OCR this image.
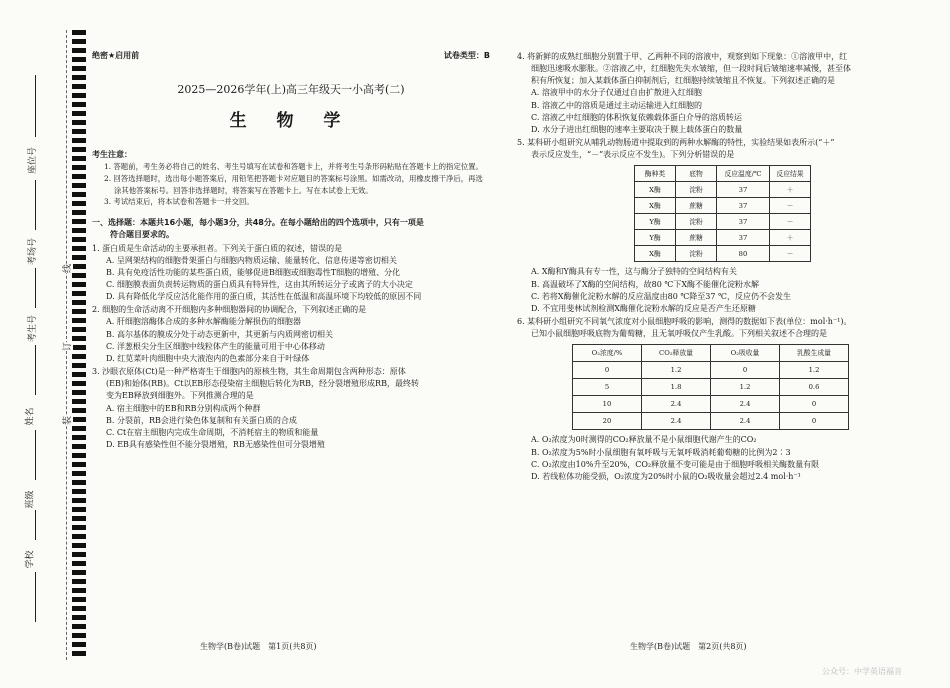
座位号
考场号
考生号
姓名
班级
学校
线
订
装
绝密★启用前	试卷类型：B
2025—2026学年(上)高三年级天一小高考(二)
生 物 学
考生注意：
1. 答题前，考生务必将自己的姓名、考生号填写在试卷和答题卡上，并将考生号条形码粘贴在答题卡上的指定位置。
2. 回答选择题时，选出每小题答案后，用铅笔把答题卡对应题目的答案标号涂黑。如需改动，用橡皮擦干净后，再选涂其他答案标号。回答非选择题时，将答案写在答题卡上。写在本试卷上无效。
3. 考试结束后，将本试卷和答题卡一并交回。
一、选择题：本题共16小题，每小题3分，共48分。在每小题给出的四个选项中，只有一项是
符合题目要求的。
1. 蛋白质是生命活动的主要承担者。下列关于蛋白质的叙述，错误的是
A. 呈网架结构的细胞骨架蛋白与细胞内物质运输、能量转化、信息传递等密切相关
B. 具有免疫活性功能的某些蛋白质，能够促进B细胞或细胞毒性T细胞的增殖、分化
C. 细胞膜表面负责转运物质的蛋白质具有特异性，这由其所转运分子或离子的大小决定
D. 具有降低化学反应活化能作用的蛋白质，其活性在低温和高温环境下均较低的原因不同
2. 细胞的生命活动离不开细胞内多种细胞器间的协调配合，下列叙述正确的是
A. 肝细胞溶酶体合成的多种水解酶能分解损伤的细胞器
B. 高尔基体的膜成分处于动态更新中，其更新与内质网密切相关
C. 洋葱根尖分生区细胞中线粒体产生的能量可用于中心体移动
D. 红苋菜叶肉细胞中央大液泡内的色素部分来自于叶绿体
3. 沙眼衣原体(Ct)是一种严格寄生于细胞内的原核生物，其生命周期包含两种形态：原体
(EB)和始体(RB)。Ct以EB形态侵染宿主细胞后转化为RB，经分裂增殖形成RB，最终转
变为EB释放到细胞外。下列推测合理的是
A. 宿主细胞中的EB和RB分别构成两个种群
B. 分裂前，RB会进行染色体复制和有关蛋白质的合成
C. Ct在宿主细胞内完成生命周期，不消耗宿主的物质和能量
D. EB具有感染性但不能分裂增殖，RB无感染性但可分裂增殖
生物学(B卷)试题　第1页(共8页)
4. 将新鲜的成熟红细胞分别置于甲、乙两种不同的溶液中，观察到如下现象：①溶液甲中，红
细胞迅速吸水膨胀。②溶液乙中，红细胞先失水皱缩，但一段时间后皱缩速率减慢，甚至体
积有所恢复；加入某载体蛋白抑制剂后，红细胞持续皱缩且不恢复。下列叙述正确的是
A. 溶液甲中的水分子仅通过自由扩散进入红细胞
B. 溶液乙中的溶质是通过主动运输进入红细胞的
C. 溶液乙中红细胞的体积恢复依赖载体蛋白介导的溶质转运
D. 水分子进出红细胞的速率主要取决于膜上载体蛋白的数量
5. 某科研小组研究从哺乳动物肠道中提取到的两种水解酶的特性，实验结果如表所示(“＋”
表示反应发生，“－”表示反应不发生)。下列分析错误的是
酶种类	底物	反应温度/℃	反应结果
X酶	淀粉	37	＋
X酶	蔗糖	37	－
Y酶	淀粉	37	－
Y酶	蔗糖	37	＋
X酶	淀粉	80	－
A. X酶和Y酶具有专一性，这与酶分子独特的空间结构有关
B. 高温破坏了X酶的空间结构，故80 ℃下X酶不能催化淀粉水解
C. 若将X酶催化淀粉水解的反应温度由80 ℃降至37 ℃，反应仍不会发生
D. 不宜用斐林试剂检测X酶催化淀粉水解的反应是否产生还原糖
6. 某科研小组研究不同氧气浓度对小鼠细胞呼吸的影响，测得的数据如下表(单位：mol·h⁻¹)。
已知小鼠细胞呼吸底物为葡萄糖，且无氧呼吸仅产生乳酸。下列相关叙述不合理的是
O₂浓度/%	CO₂释放量	O₂吸收量	乳酸生成量
0	1.2	0	1.2
5	1.8	1.2	0.6
10	2.4	2.4	0
20	2.4	2.4	0
A. O₂浓度为0时测得的CO₂释放量不是小鼠细胞代谢产生的CO₂
B. O₂浓度为5%时小鼠细胞有氧呼吸与无氧呼吸消耗葡萄糖的比例为2∶3
C. O₂浓度由10%升至20%，CO₂释放量不变可能是由于细胞呼吸相关酶数量有限
D. 若线粒体功能受损，O₂浓度为20%时小鼠的O₂吸收量会超过2.4 mol·h⁻¹
生物学(B卷)试题　第2页(共8页)
公众号：中学英语福音
